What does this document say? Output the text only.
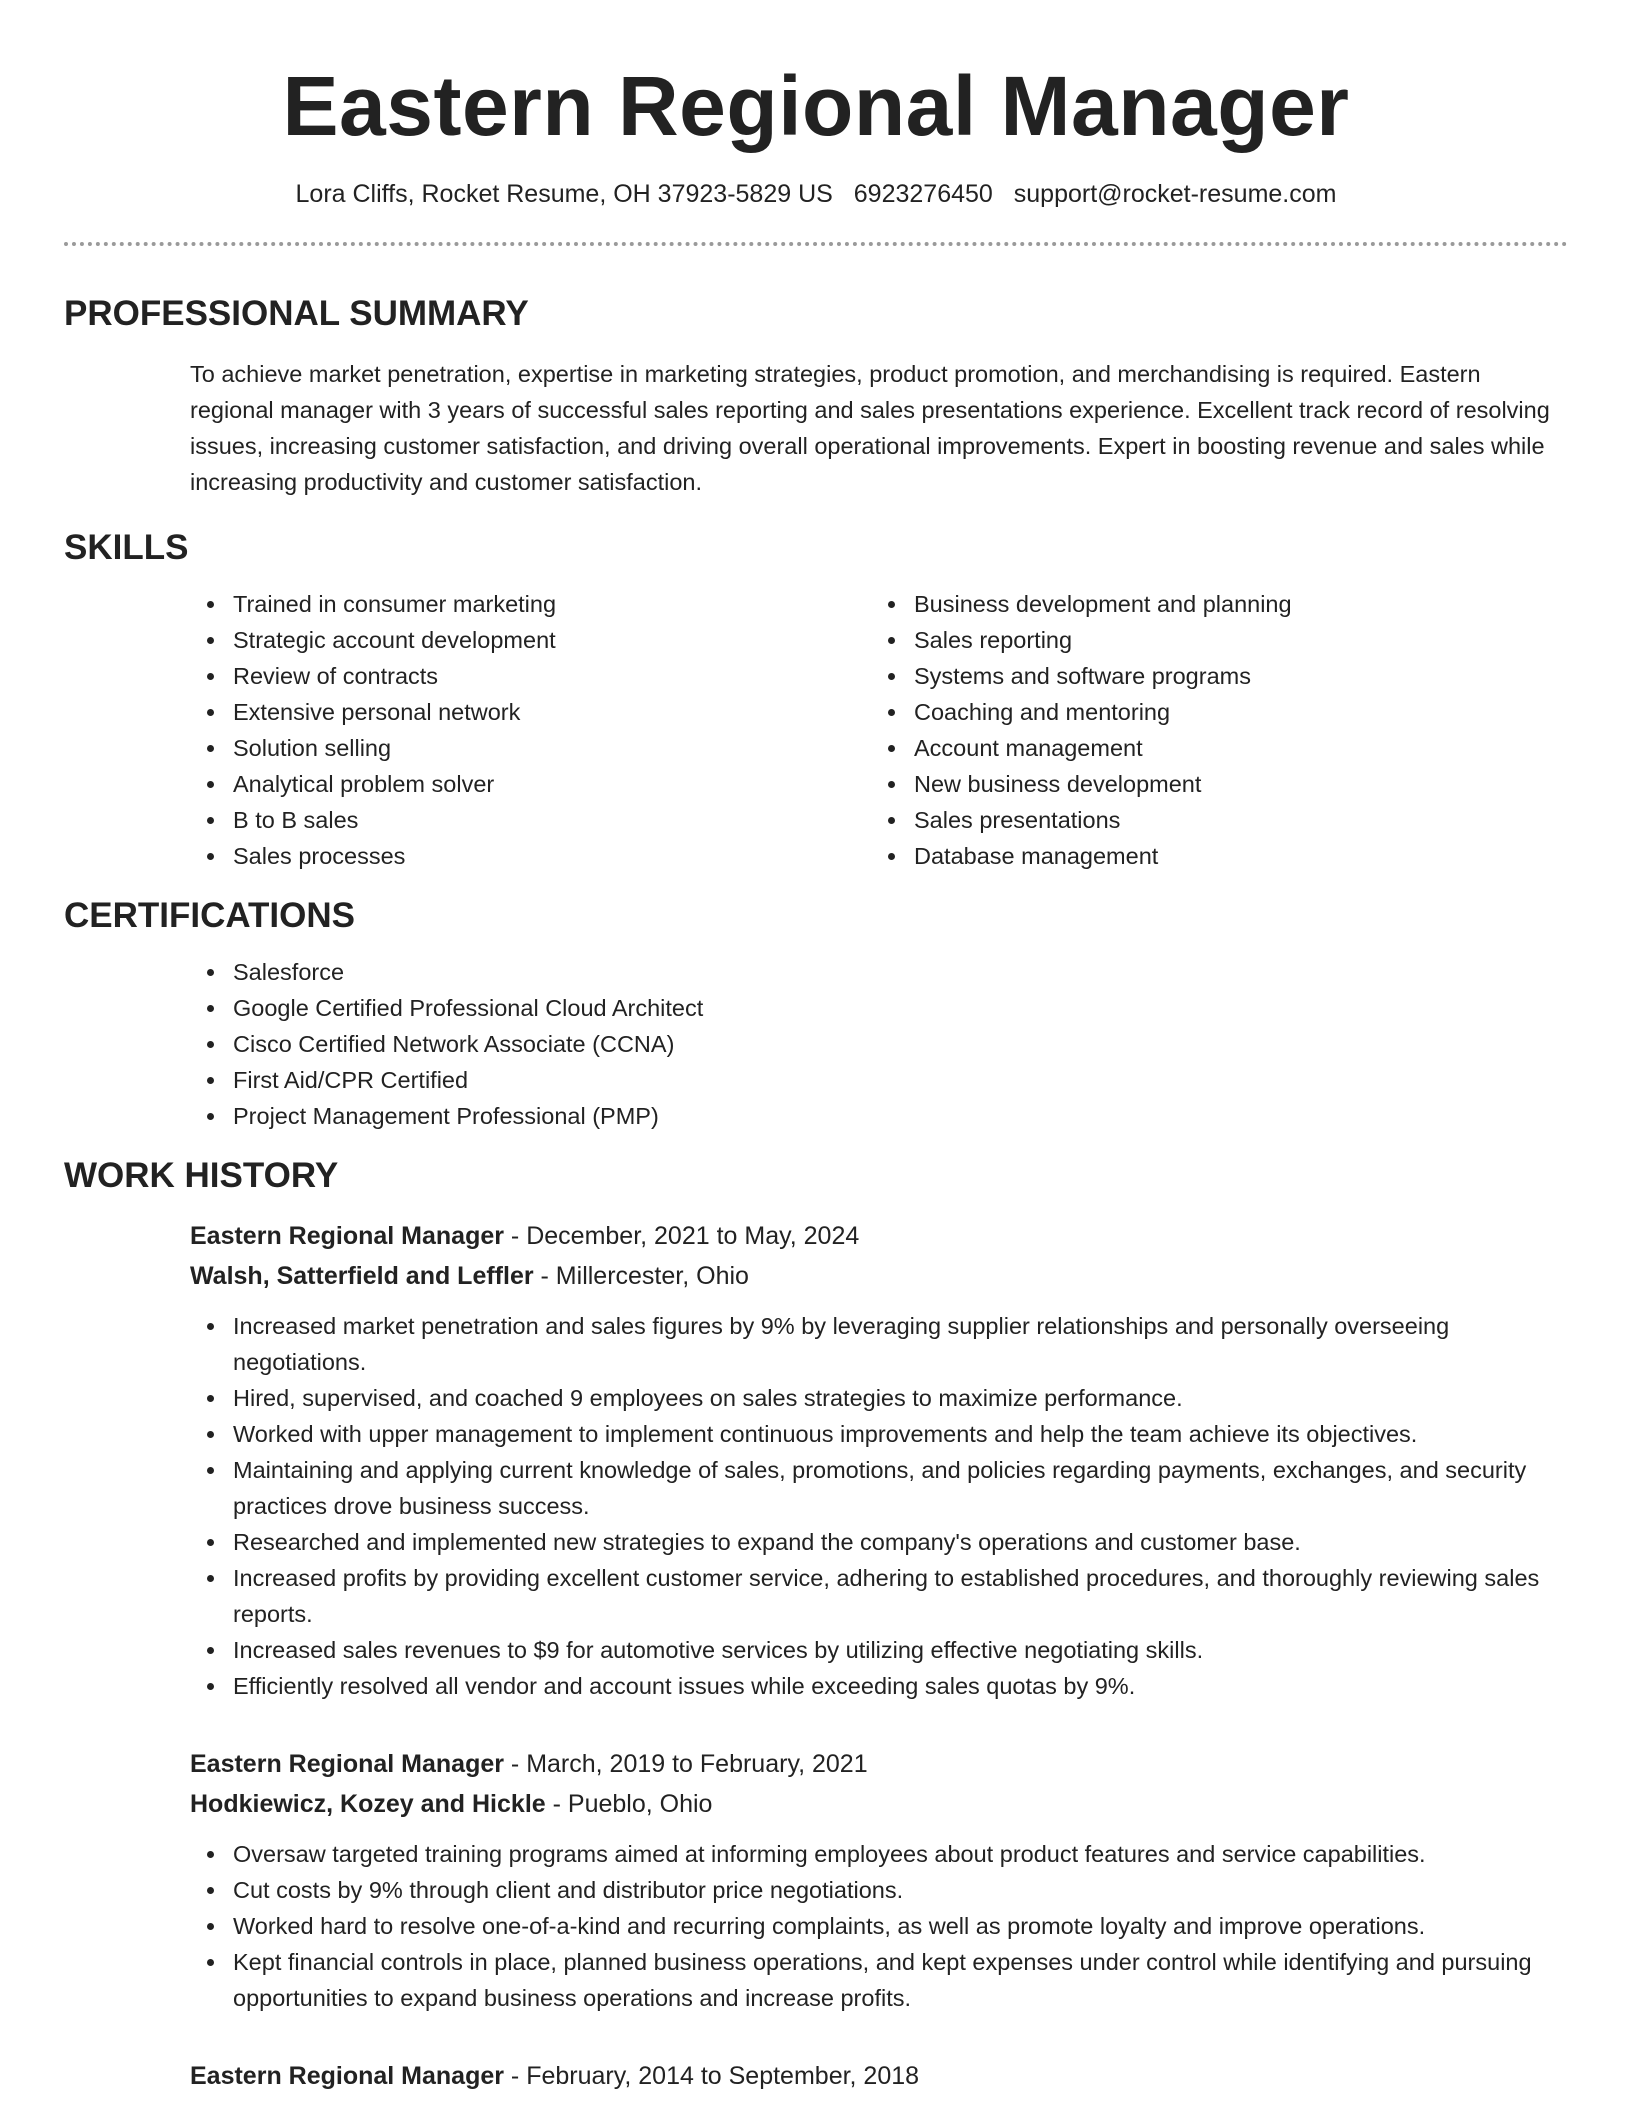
Eastern Regional Manager
Lora Cliffs, Rocket Resume, OH 37923-5829 US 6923276450 support@rocket-resume.com
PROFESSIONAL SUMMARY

To achieve market penetration, expertise in marketing strategies, product promotion, and merchandising is required. Eastern regional manager with 3 years of successful sales reporting and sales presentations experience. Excellent track record of resolving issues, increasing customer satisfaction, and driving overall operational improvements. Expert in boosting revenue and sales while increasing productivity and customer satisfaction.

SKILLS
Trained in consumer marketing
Strategic account development
Review of contracts
Extensive personal network
Solution selling
Analytical problem solver
B to B sales
Sales processes
Business development and planning
Sales reporting
Systems and software programs
Coaching and mentoring
Account management
New business development
Sales presentations
Database management
CERTIFICATIONS
Salesforce
Google Certified Professional Cloud Architect
Cisco Certified Network Associate (CCNA)
First Aid/CPR Certified
Project Management Professional (PMP)
WORK HISTORY
Eastern Regional Manager - December, 2021 to May, 2024
Walsh, Satterfield and Leffler - Millercester, Ohio
Increased market penetration and sales figures by 9% by leveraging supplier relationships and personally overseeing negotiations.
Hired, supervised, and coached 9 employees on sales strategies to maximize performance.
Worked with upper management to implement continuous improvements and help the team achieve its objectives.
Maintaining and applying current knowledge of sales, promotions, and policies regarding payments, exchanges, and security practices drove business success.
Researched and implemented new strategies to expand the company's operations and customer base.
Increased profits by providing excellent customer service, adhering to established procedures, and thoroughly reviewing sales reports.
Increased sales revenues to $9 for automotive services by utilizing effective negotiating skills.
Efficiently resolved all vendor and account issues while exceeding sales quotas by 9%.
Eastern Regional Manager - March, 2019 to February, 2021
Hodkiewicz, Kozey and Hickle - Pueblo, Ohio
Oversaw targeted training programs aimed at informing employees about product features and service capabilities.
Cut costs by 9% through client and distributor price negotiations.
Worked hard to resolve one-of-a-kind and recurring complaints, as well as promote loyalty and improve operations.
Kept financial controls in place, planned business operations, and kept expenses under control while identifying and pursuing opportunities to expand business operations and increase profits.
Eastern Regional Manager - February, 2014 to September, 2018
